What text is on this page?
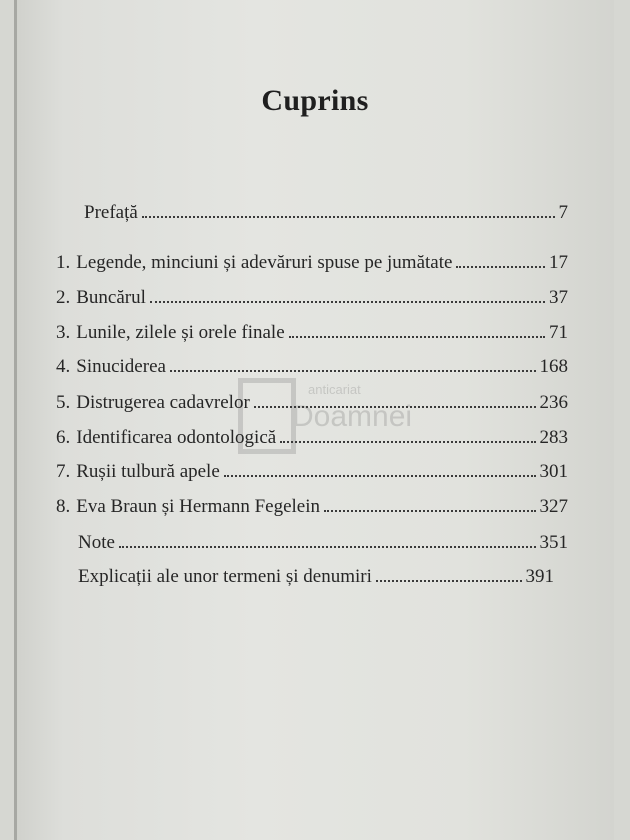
Cuprins
anticariat
Doamnei
Prefață	7
1. Legende, minciuni și adevăruri spuse pe jumătate	17
2. Buncărul	37
3. Lunile, zilele și orele finale	71
4. Sinuciderea	168
5. Distrugerea cadavrelor	236
6. Identificarea odontologică	283
7. Rușii tulbură apele	301
8. Eva Braun și Hermann Fegelein	327
Note	351
Explicații ale unor termeni și denumiri	391
